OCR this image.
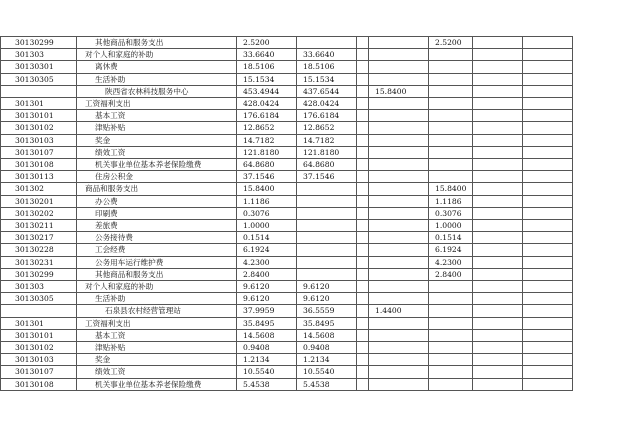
30130299	其他商品和服务支出	2.5200				2.5200		
301303	对个人和家庭的补助	33.6640	33.6640					
30130301	离休费	18.5106	18.5106					
30130305	生活补助	15.1534	15.1534					
	陕西省农林科技服务中心	453.4944	437.6544		15.8400			
301301	工资福利支出	428.0424	428.0424					
30130101	基本工资	176.6184	176.6184					
30130102	津贴补贴	12.8652	12.8652					
30130103	奖金	14.7182	14.7182					
30130107	绩效工资	121.8180	121.8180					
30130108	机关事业单位基本养老保险缴费	64.8680	64.8680					
30130113	住房公积金	37.1546	37.1546					
301302	商品和服务支出	15.8400				15.8400		
30130201	办公费	1.1186				1.1186		
30130202	印刷费	0.3076				0.3076		
30130211	差旅费	1.0000				1.0000		
30130217	公务接待费	0.1514				0.1514		
30130228	工会经费	6.1924				6.1924		
30130231	公务用车运行维护费	4.2300				4.2300		
30130299	其他商品和服务支出	2.8400				2.8400		
301303	对个人和家庭的补助	9.6120	9.6120					
30130305	生活补助	9.6120	9.6120					
	石泉县农村经营管理站	37.9959	36.5559		1.4400			
301301	工资福利支出	35.8495	35.8495					
30130101	基本工资	14.5608	14.5608					
30130102	津贴补贴	0.9408	0.9408					
30130103	奖金	1.2134	1.2134					
30130107	绩效工资	10.5540	10.5540					
30130108	机关事业单位基本养老保险缴费	5.4538	5.4538					
